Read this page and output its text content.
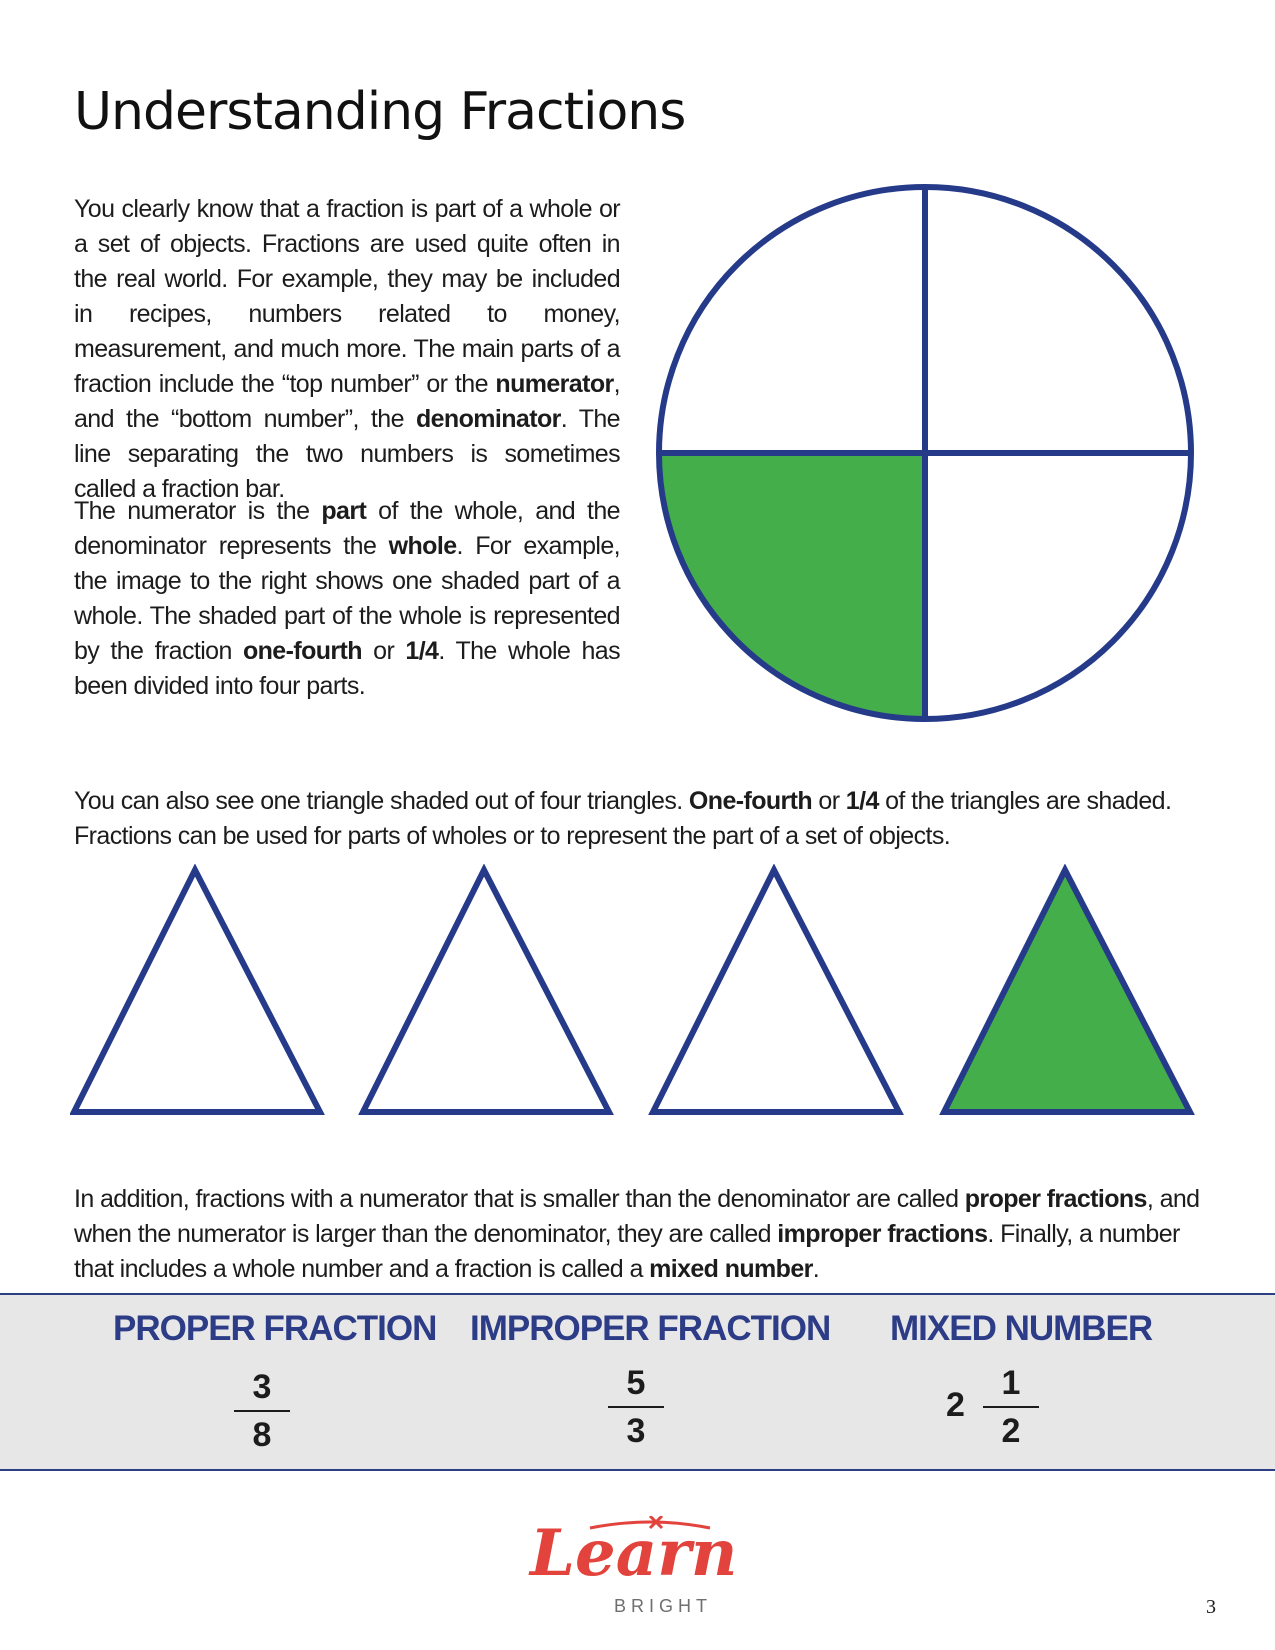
Understanding Fractions

You clearly know that a fraction is part of a whole or a set of objects. Fractions are used quite often in the real world. For example, they may be included in recipes, numbers related to money, measurement, and much more. The main parts of a fraction include the “top number” or the numerator, and the “bottom number”, the denominator. The line separating the two numbers is sometimes called a fraction bar.

The numerator is the part of the whole, and the denominator represents the whole. For example, the image to the right shows one shaded part of a whole. The shaded part of the whole is represented by the fraction one-fourth or 1/4. The whole has been divided into four parts.

You can also see one triangle shaded out of four triangles. One-fourth or 1/4 of the triangles are shaded. Fractions can be used for parts of wholes or to represent the part of a set of objects.

In addition, fractions with a numerator that is smaller than the denominator are called proper fractions, and when the numerator is larger than the denominator, they are called improper fractions. Finally, a number that includes a whole number and a fraction is called a mixed number.

PROPER FRACTION
3
8
IMPROPER FRACTION
5
3
MIXED NUMBER
2
1
2
Learn
BRIGHT	3
